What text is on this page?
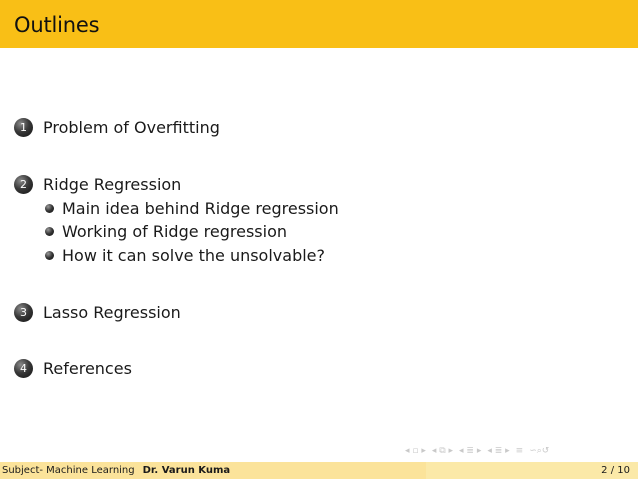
Outlines
1	Problem of Overfitting
2	Ridge Regression
Main idea behind Ridge regression
Working of Ridge regression
How it can solve the unsolvable?
3	Lasso Regression
4	References
◂ ▫ ▸ ◂ ⧉ ▸ ◂ ≣ ▸ ◂ ≣ ▸ ≡ ∽⌕↺
Subject- Machine Learning Dr. Varun Kuma	2 / 10
